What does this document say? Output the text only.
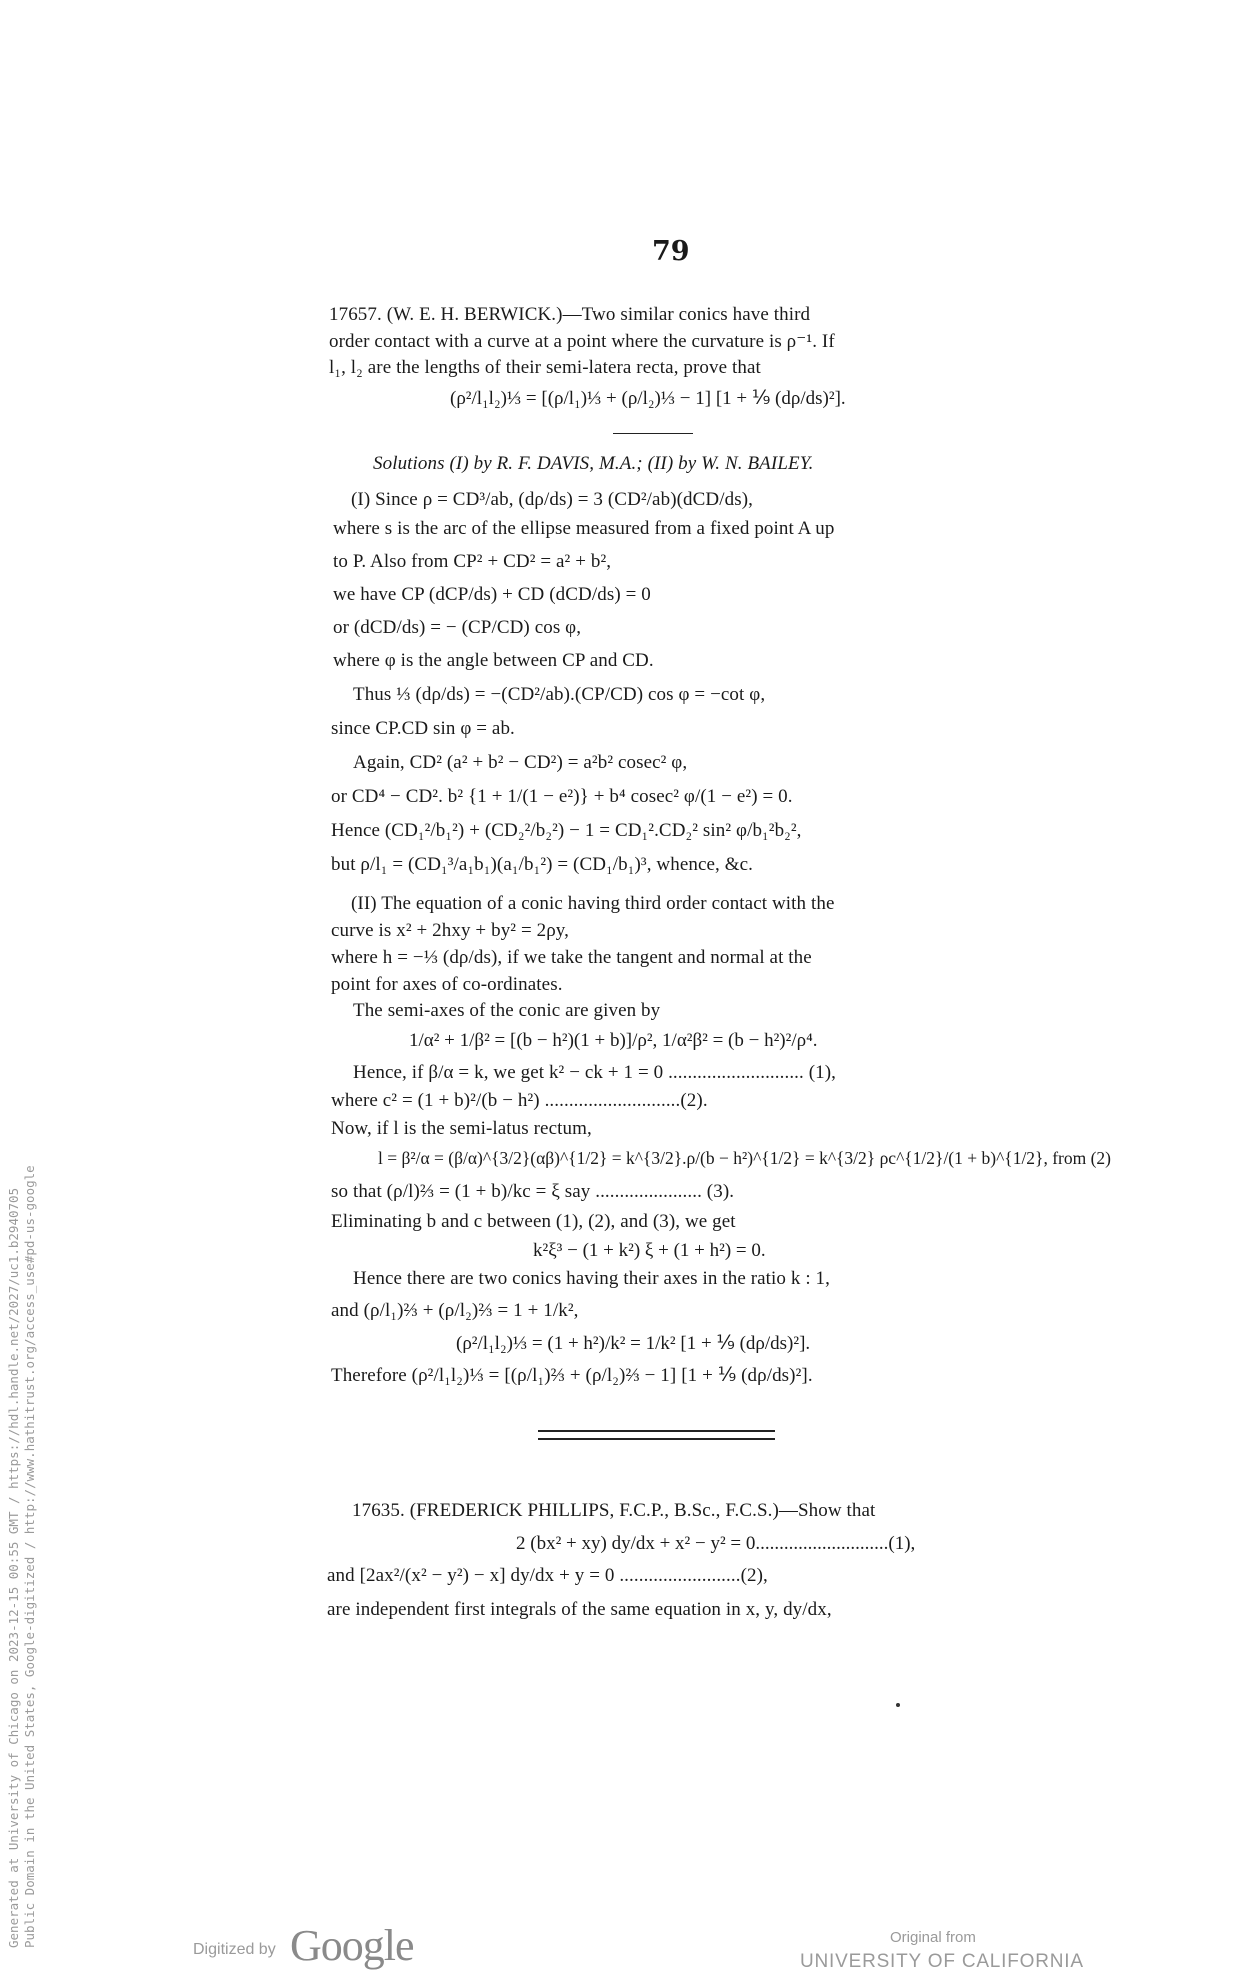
79
17657. (W. E. H. BERWICK.)—Two similar conics have third
order contact with a curve at a point where the curvature is ρ⁻¹. If
l₁, l₂ are the lengths of their semi-latera recta, prove that
(ρ²/l₁l₂)⅓ = [(ρ/l₁)⅓ + (ρ/l₂)⅓ − 1] [1 + ⅑ (dρ/ds)²].
Solutions (I) by R. F. DAVIS, M.A.; (II) by W. N. BAILEY.
(I) Since ρ = CD³/ab, (dρ/ds) = 3 (CD²/ab)(dCD/ds),
where s is the arc of the ellipse measured from a fixed point A up
to P. Also from CP² + CD² = a² + b²,
we have CP (dCP/ds) + CD (dCD/ds) = 0
or (dCD/ds) = − (CP/CD) cos φ,
where φ is the angle between CP and CD.
Thus ⅓ (dρ/ds) = −(CD²/ab).(CP/CD) cos φ = −cot φ,
since CP.CD sin φ = ab.
Again, CD² (a² + b² − CD²) = a²b² cosec² φ,
or CD⁴ − CD². b² {1 + 1/(1 − e²)} + b⁴ cosec² φ/(1 − e²) = 0.
Hence (CD₁²/b₁²) + (CD₂²/b₂²) − 1 = CD₁².CD₂² sin² φ/b₁²b₂²,
but ρ/l₁ = (CD₁³/a₁b₁)(a₁/b₁²) = (CD₁/b₁)³, whence, &c.
(II) The equation of a conic having third order contact with the
curve is x² + 2hxy + by² = 2ρy,
where h = −⅓ (dρ/ds), if we take the tangent and normal at the
point for axes of co-ordinates.
The semi-axes of the conic are given by
1/α² + 1/β² = [(b − h²)(1 + b)]/ρ², 1/α²β² = (b − h²)²/ρ⁴.
Hence, if β/α = k, we get k² − ck + 1 = 0 ............................ (1),
where c² = (1 + b)²/(b − h²) ............................(2).
Now, if l is the semi-latus rectum,
l = β²/α = (β/α)^{3/2}(αβ)^{1/2} = k^{3/2}.ρ/(b − h²)^{1/2} = k^{3/2} ρc^{1/2}/(1 + b)^{1/2}, from (2)
so that (ρ/l)⅔ = (1 + b)/kc = ξ say ...................... (3).
Eliminating b and c between (1), (2), and (3), we get
k²ξ³ − (1 + k²) ξ + (1 + h²) = 0.
Hence there are two conics having their axes in the ratio k : 1,
and (ρ/l₁)⅔ + (ρ/l₂)⅔ = 1 + 1/k²,
(ρ²/l₁l₂)⅓ = (1 + h²)/k² = 1/k² [1 + ⅑ (dρ/ds)²].
Therefore (ρ²/l₁l₂)⅓ = [(ρ/l₁)⅔ + (ρ/l₂)⅔ − 1] [1 + ⅑ (dρ/ds)²].
17635. (FREDERICK PHILLIPS, F.C.P., B.Sc., F.C.S.)—Show that
2 (bx² + xy) dy/dx + x² − y² = 0............................(1),
and [2ax²/(x² − y²) − x] dy/dx + y = 0 .........................(2),
are independent first integrals of the same equation in x, y, dy/dx,
Generated at University of Chicago on 2023-12-15 00:55 GMT / https://hdl.handle.net/2027/uc1.b2940705 Public Domain in the United States, Google-digitized / http://www.hathitrust.org/access_use#pd-us-google
Digitized by Google	Original from
UNIVERSITY OF CALIFORNIA
